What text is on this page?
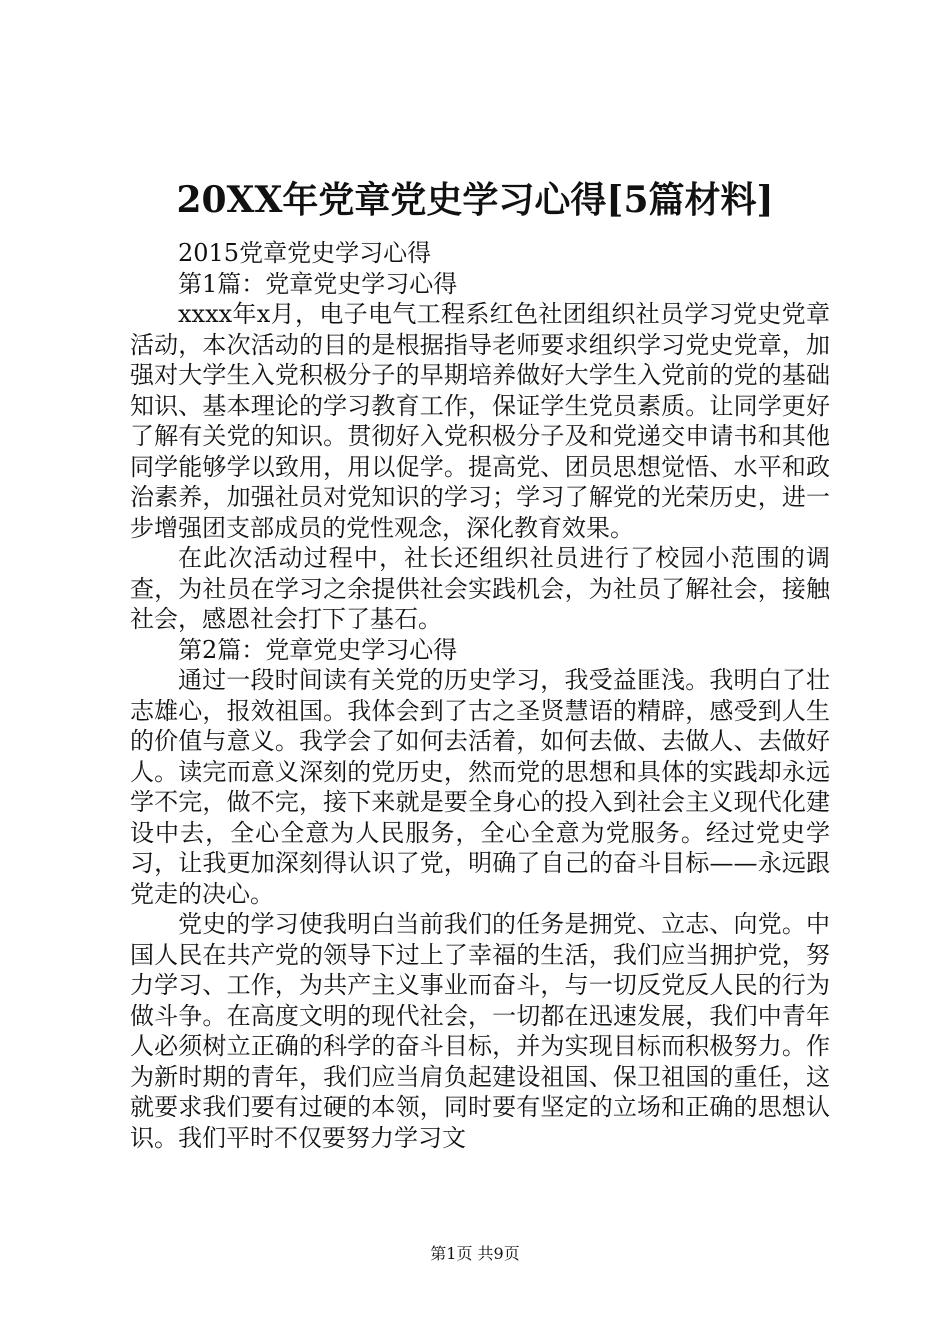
20XX年党章党史学习心得[5篇材料]

2015党章党史学习心得

第1篇：党章党史学习心得

xxxx年x月，电子电气工程系红色社团组织社员学习党史党章活动，本次活动的目的是根据指导老师要求组织学习党史党章，加强对大学生入党积极分子的早期培养做好大学生入党前的党的基础知识、基本理论的学习教育工作，保证学生党员素质。让同学更好了解有关党的知识。贯彻好入党积极分子及和党递交申请书和其他同学能够学以致用，用以促学。提高党、团员思想觉悟、水平和政治素养，加强社员对党知识的学习；学习了解党的光荣历史，进一步增强团支部成员的党性观念，深化教育效果。

在此次活动过程中，社长还组织社员进行了校园小范围的调查，为社员在学习之余提供社会实践机会，为社员了解社会，接触社会，感恩社会打下了基石。

第2篇：党章党史学习心得

通过一段时间读有关党的历史学习，我受益匪浅。我明白了壮志雄心，报效祖国。我体会到了古之圣贤慧语的精辟，感受到人生的价值与意义。我学会了如何去活着，如何去做、去做人、去做好人。读完而意义深刻的党历史，然而党的思想和具体的实践却永远学不完，做不完，接下来就是要全身心的投入到社会主义现代化建设中去，全心全意为人民服务，全心全意为党服务。经过党史学习，让我更加深刻得认识了党，明确了自己的奋斗目标——永远跟党走的决心。

党史的学习使我明白当前我们的任务是拥党、立志、向党。中国人民在共产党的领导下过上了幸福的生活，我们应当拥护党，努力学习、工作，为共产主义事业而奋斗，与一切反党反人民的行为做斗争。在高度文明的现代社会，一切都在迅速发展，我们中青年人必须树立正确的科学的奋斗目标，并为实现目标而积极努力。作为新时期的青年，我们应当肩负起建设祖国、保卫祖国的重任，这就要求我们要有过硬的本领，同时要有坚定的立场和正确的思想认识。我们平时不仅要努力学习文

第1页 共9页
